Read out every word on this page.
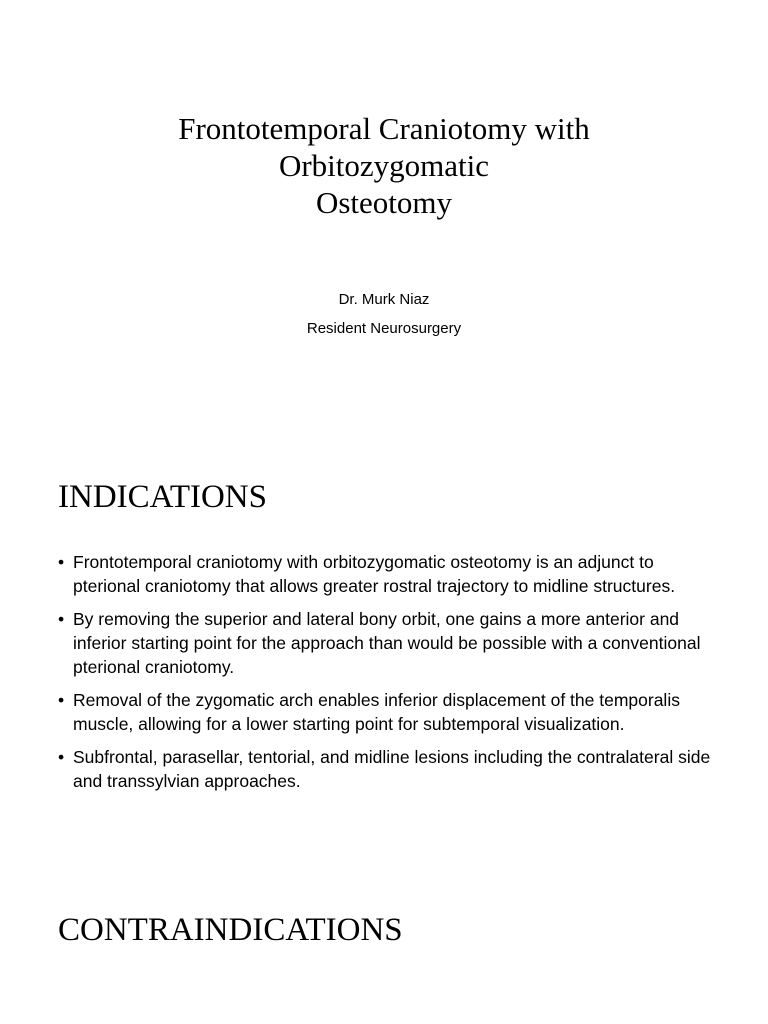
Frontotemporal Craniotomy with
Orbitozygomatic
Osteotomy
Dr. Murk Niaz
Resident Neurosurgery
INDICATIONS
• Frontotemporal craniotomy with orbitozygomatic osteotomy is an adjunct to pterional craniotomy that allows greater rostral trajectory to midline structures.
• By removing the superior and lateral bony orbit, one gains a more anterior and inferior starting point for the approach than would be possible with a conventional pterional craniotomy.
• Removal of the zygomatic arch enables inferior displacement of the temporalis muscle, allowing for a lower starting point for subtemporal visualization.
• Subfrontal, parasellar, tentorial, and midline lesions including the contralateral side and transsylvian approaches.
CONTRAINDICATIONS
